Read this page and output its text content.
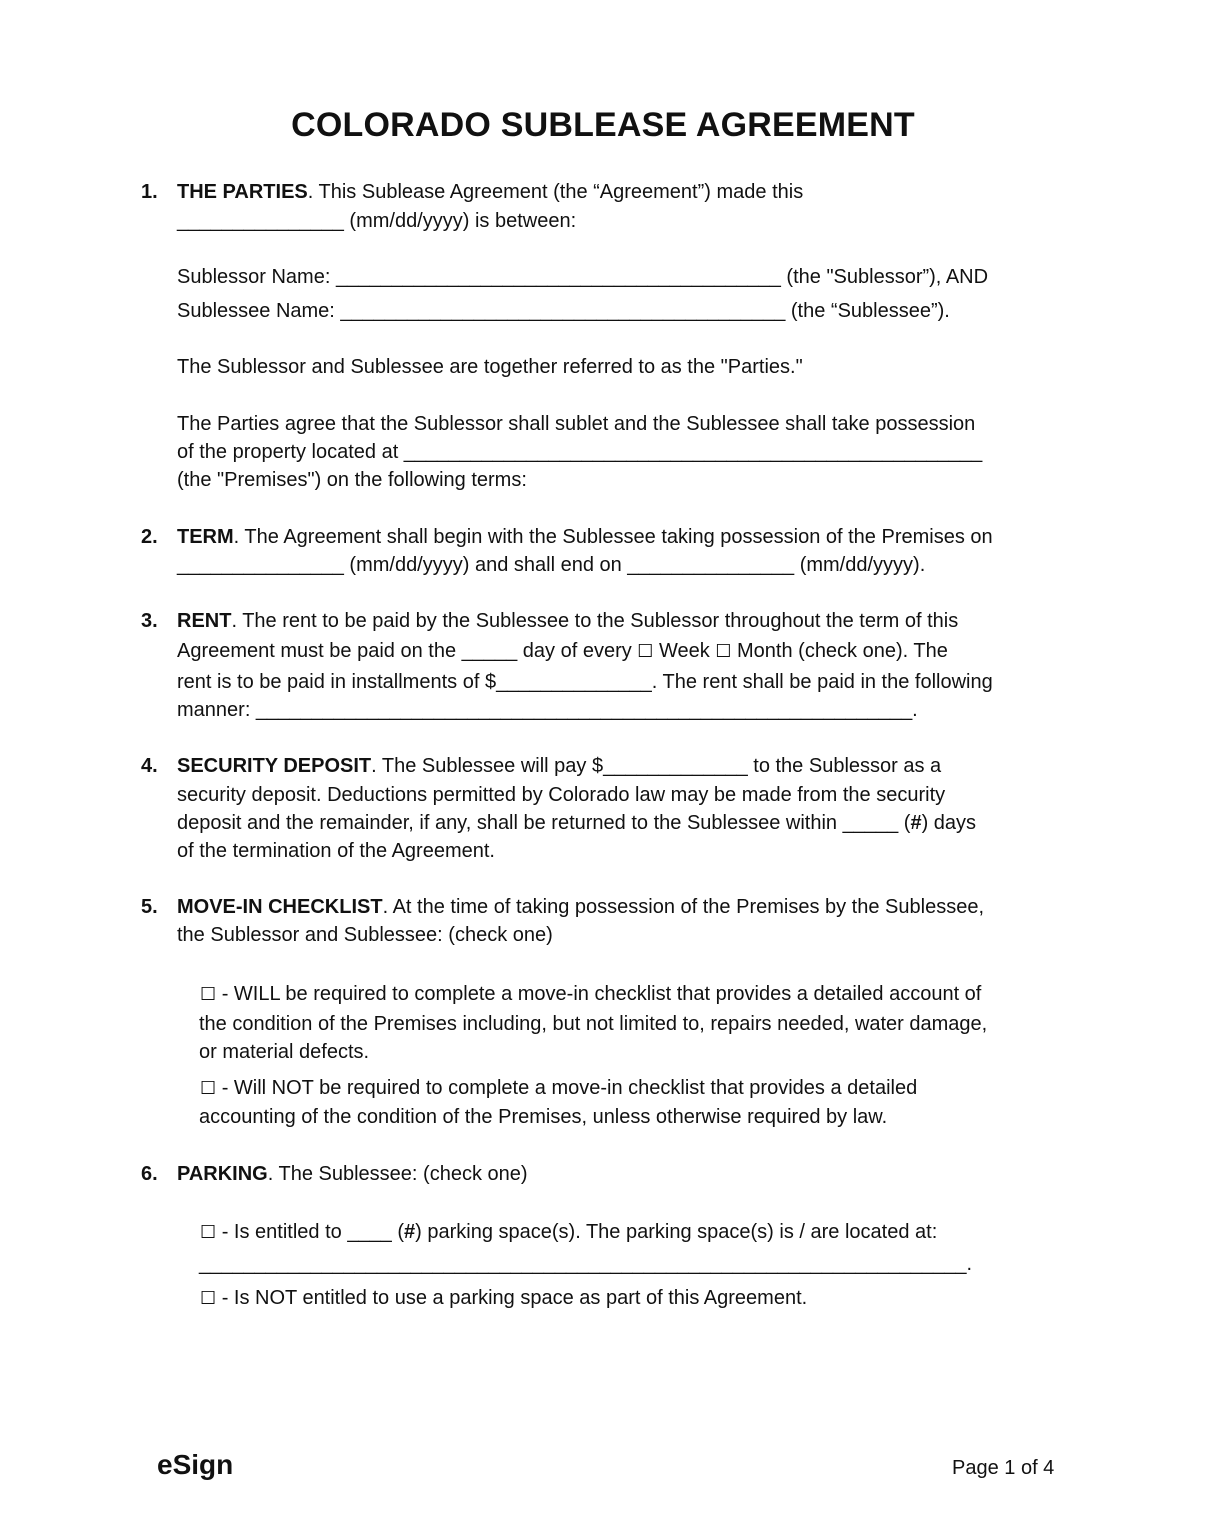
COLORADO SUBLEASE AGREEMENT
1. THE PARTIES. This Sublease Agreement (the “Agreement”) made this
_______________ (mm/dd/yyyy) is between:
Sublessor Name: ________________________________________ (the "Sublessor”), AND
Sublessee Name: ________________________________________ (the “Sublessee”).
The Sublessor and Sublessee are together referred to as the "Parties."
The Parties agree that the Sublessor shall sublet and the Sublessee shall take possession
of the property located at ____________________________________________________
(the "Premises") on the following terms:
2. TERM. The Agreement shall begin with the Sublessee taking possession of the Premises on
_______________ (mm/dd/yyyy) and shall end on _______________ (mm/dd/yyyy).
3. RENT. The rent to be paid by the Sublessee to the Sublessor throughout the term of this
Agreement must be paid on the _____ day of every ☐ Week ☐ Month (check one). The
rent is to be paid in installments of $______________. The rent shall be paid in the following
manner: ___________________________________________________________.
4. SECURITY DEPOSIT. The Sublessee will pay $_____________ to the Sublessor as a
security deposit. Deductions permitted by Colorado law may be made from the security
deposit and the remainder, if any, shall be returned to the Sublessee within _____ (#) days
of the termination of the Agreement.
5. MOVE-IN CHECKLIST. At the time of taking possession of the Premises by the Sublessee,
the Sublessor and Sublessee: (check one)
☐ - WILL be required to complete a move-in checklist that provides a detailed account of
the condition of the Premises including, but not limited to, repairs needed, water damage,
or material defects.
☐ - Will NOT be required to complete a move-in checklist that provides a detailed
accounting of the condition of the Premises, unless otherwise required by law.
6. PARKING. The Sublessee: (check one)
☐ - Is entitled to ____ (#) parking space(s). The parking space(s) is / are located at:
_____________________________________________________________________.
☐ - Is NOT entitled to use a parking space as part of this Agreement.
eSign	Page 1 of 4
